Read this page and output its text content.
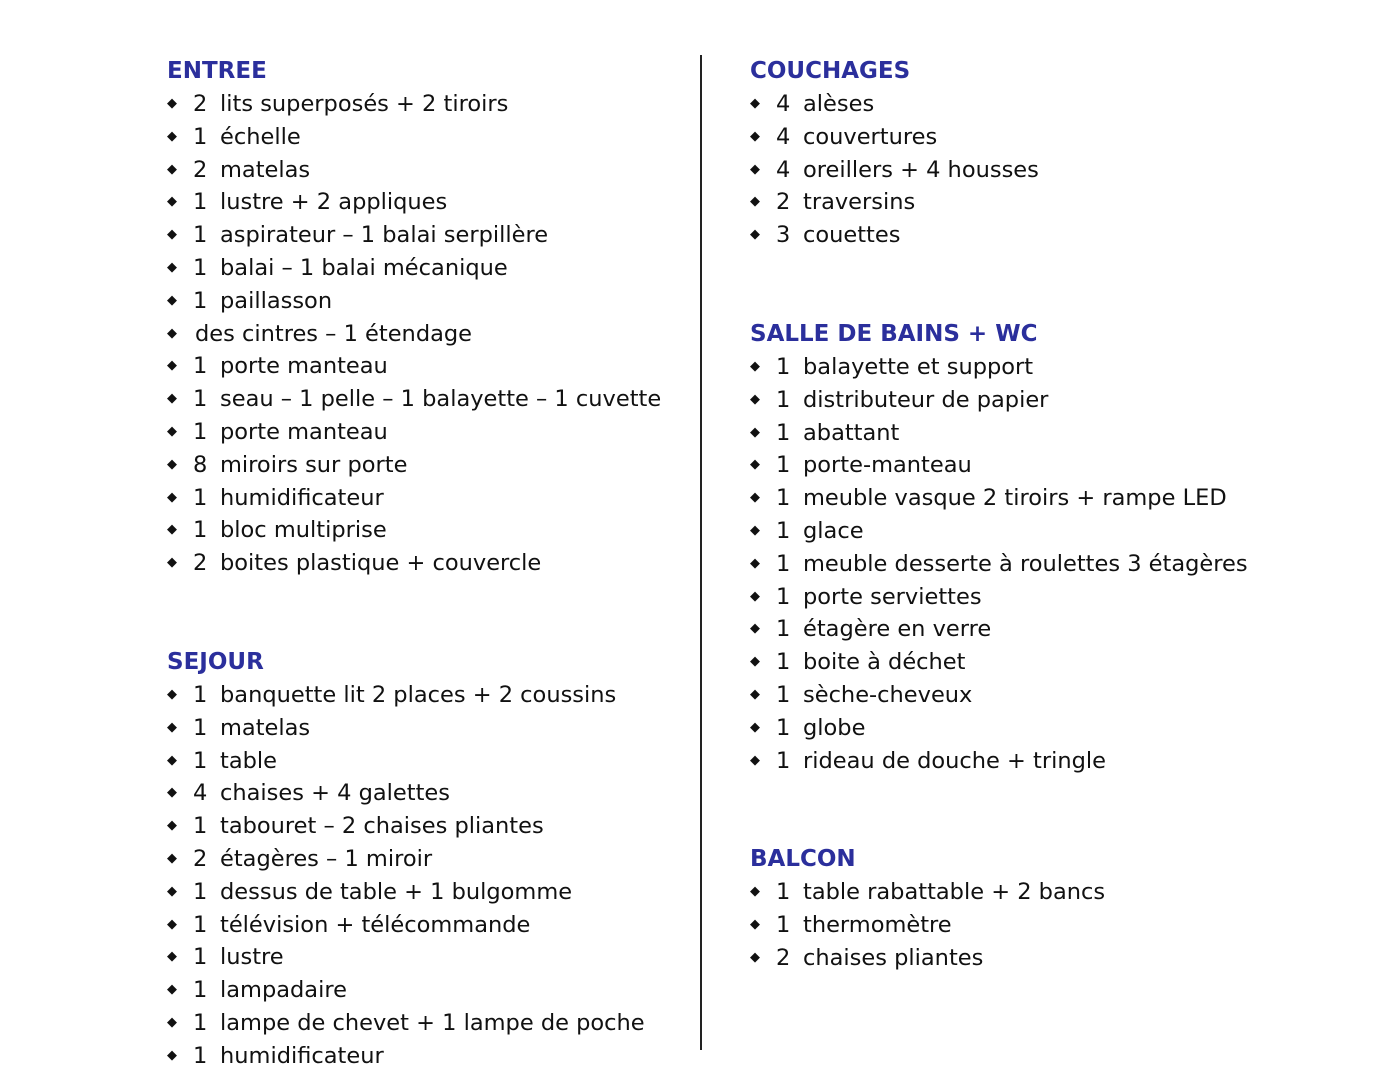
ENTREE
◆ 2 lits superposés + 2 tiroirs
◆ 1 échelle
◆ 2 matelas
◆ 1 lustre + 2 appliques
◆ 1 aspirateur – 1 balai serpillère
◆ 1 balai – 1 balai mécanique
◆ 1 paillasson
◆ des cintres – 1 étendage
◆ 1 porte manteau
◆ 1 seau – 1 pelle – 1 balayette – 1 cuvette
◆ 1 porte manteau
◆ 8 miroirs sur porte
◆ 1 humidificateur
◆ 1 bloc multiprise
◆ 2 boites plastique + couvercle
SEJOUR
◆ 1 banquette lit 2 places + 2 coussins
◆ 1 matelas
◆ 1 table
◆ 4 chaises + 4 galettes
◆ 1 tabouret – 2 chaises pliantes
◆ 2 étagères – 1 miroir
◆ 1 dessus de table + 1 bulgomme
◆ 1 télévision + télécommande
◆ 1 lustre
◆ 1 lampadaire
◆ 1 lampe de chevet + 1 lampe de poche
◆ 1 humidificateur
COUCHAGES
◆ 4 alèses
◆ 4 couvertures
◆ 4 oreillers + 4 housses
◆ 2 traversins
◆ 3 couettes
SALLE DE BAINS + WC
◆ 1 balayette et support
◆ 1 distributeur de papier
◆ 1 abattant
◆ 1 porte-manteau
◆ 1 meuble vasque 2 tiroirs + rampe LED
◆ 1 glace
◆ 1 meuble desserte à roulettes 3 étagères
◆ 1 porte serviettes
◆ 1 étagère en verre
◆ 1 boite à déchet
◆ 1 sèche-cheveux
◆ 1 globe
◆ 1 rideau de douche + tringle
BALCON
◆ 1 table rabattable + 2 bancs
◆ 1 thermomètre
◆ 2 chaises pliantes
